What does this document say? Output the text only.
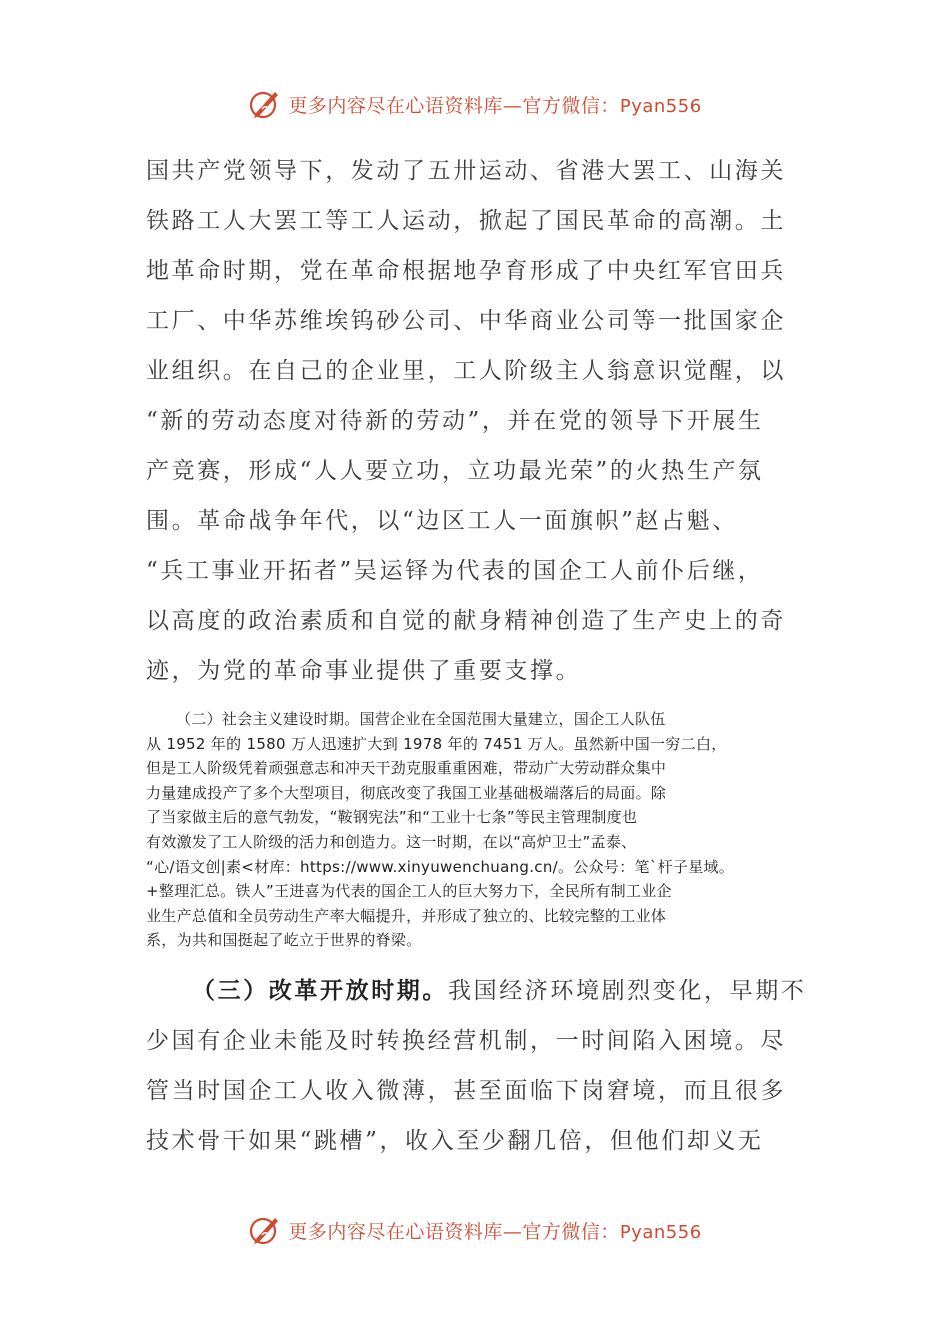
更多内容尽在心语资料库—官方微信：Pyan556
国共产党领导下，发动了五卅运动、省港大罢工、山海关
铁路工人大罢工等工人运动，掀起了国民革命的高潮。土
地革命时期，党在革命根据地孕育形成了中央红军官田兵
工厂、中华苏维埃钨砂公司、中华商业公司等一批国家企
业组织。在自己的企业里，工人阶级主人翁意识觉醒，以
“新的劳动态度对待新的劳动”，并在党的领导下开展生
产竞赛，形成“人人要立功，立功最光荣”的火热生产氛
围。革命战争年代，以“边区工人一面旗帜”赵占魁、
“兵工事业开拓者”吴运铎为代表的国企工人前仆后继，
以高度的政治素质和自觉的献身精神创造了生产史上的奇
迹，为党的革命事业提供了重要支撑。
（二）社会主义建设时期。国营企业在全国范围大量建立，国企工人队伍
从 1952 年的 1580 万人迅速扩大到 1978 年的 7451 万人。虽然新中国一穷二白，
但是工人阶级凭着顽强意志和冲天干劲克服重重困难，带动广大劳动群众集中
力量建成投产了多个大型项目，彻底改变了我国工业基础极端落后的局面。除
了当家做主后的意气勃发，“鞍钢宪法”和“工业十七条”等民主管理制度也
有效激发了工人阶级的活力和创造力。这一时期，在以“高炉卫士”孟泰、
“心/语文创|素<材库：https://www.xinyuwenchuang.cn/。公众号：笔`杆子星域。
+整理汇总。铁人”王进喜为代表的国企工人的巨大努力下，全民所有制工业企
业生产总值和全员劳动生产率大幅提升，并形成了独立的、比较完整的工业体
系，为共和国挺起了屹立于世界的脊梁。
（三）改革开放时期。我国经济环境剧烈变化，早期不
少国有企业未能及时转换经营机制，一时间陷入困境。尽
管当时国企工人收入微薄，甚至面临下岗窘境，而且很多
技术骨干如果“跳槽”，收入至少翻几倍，但他们却义无
更多内容尽在心语资料库—官方微信：Pyan556
